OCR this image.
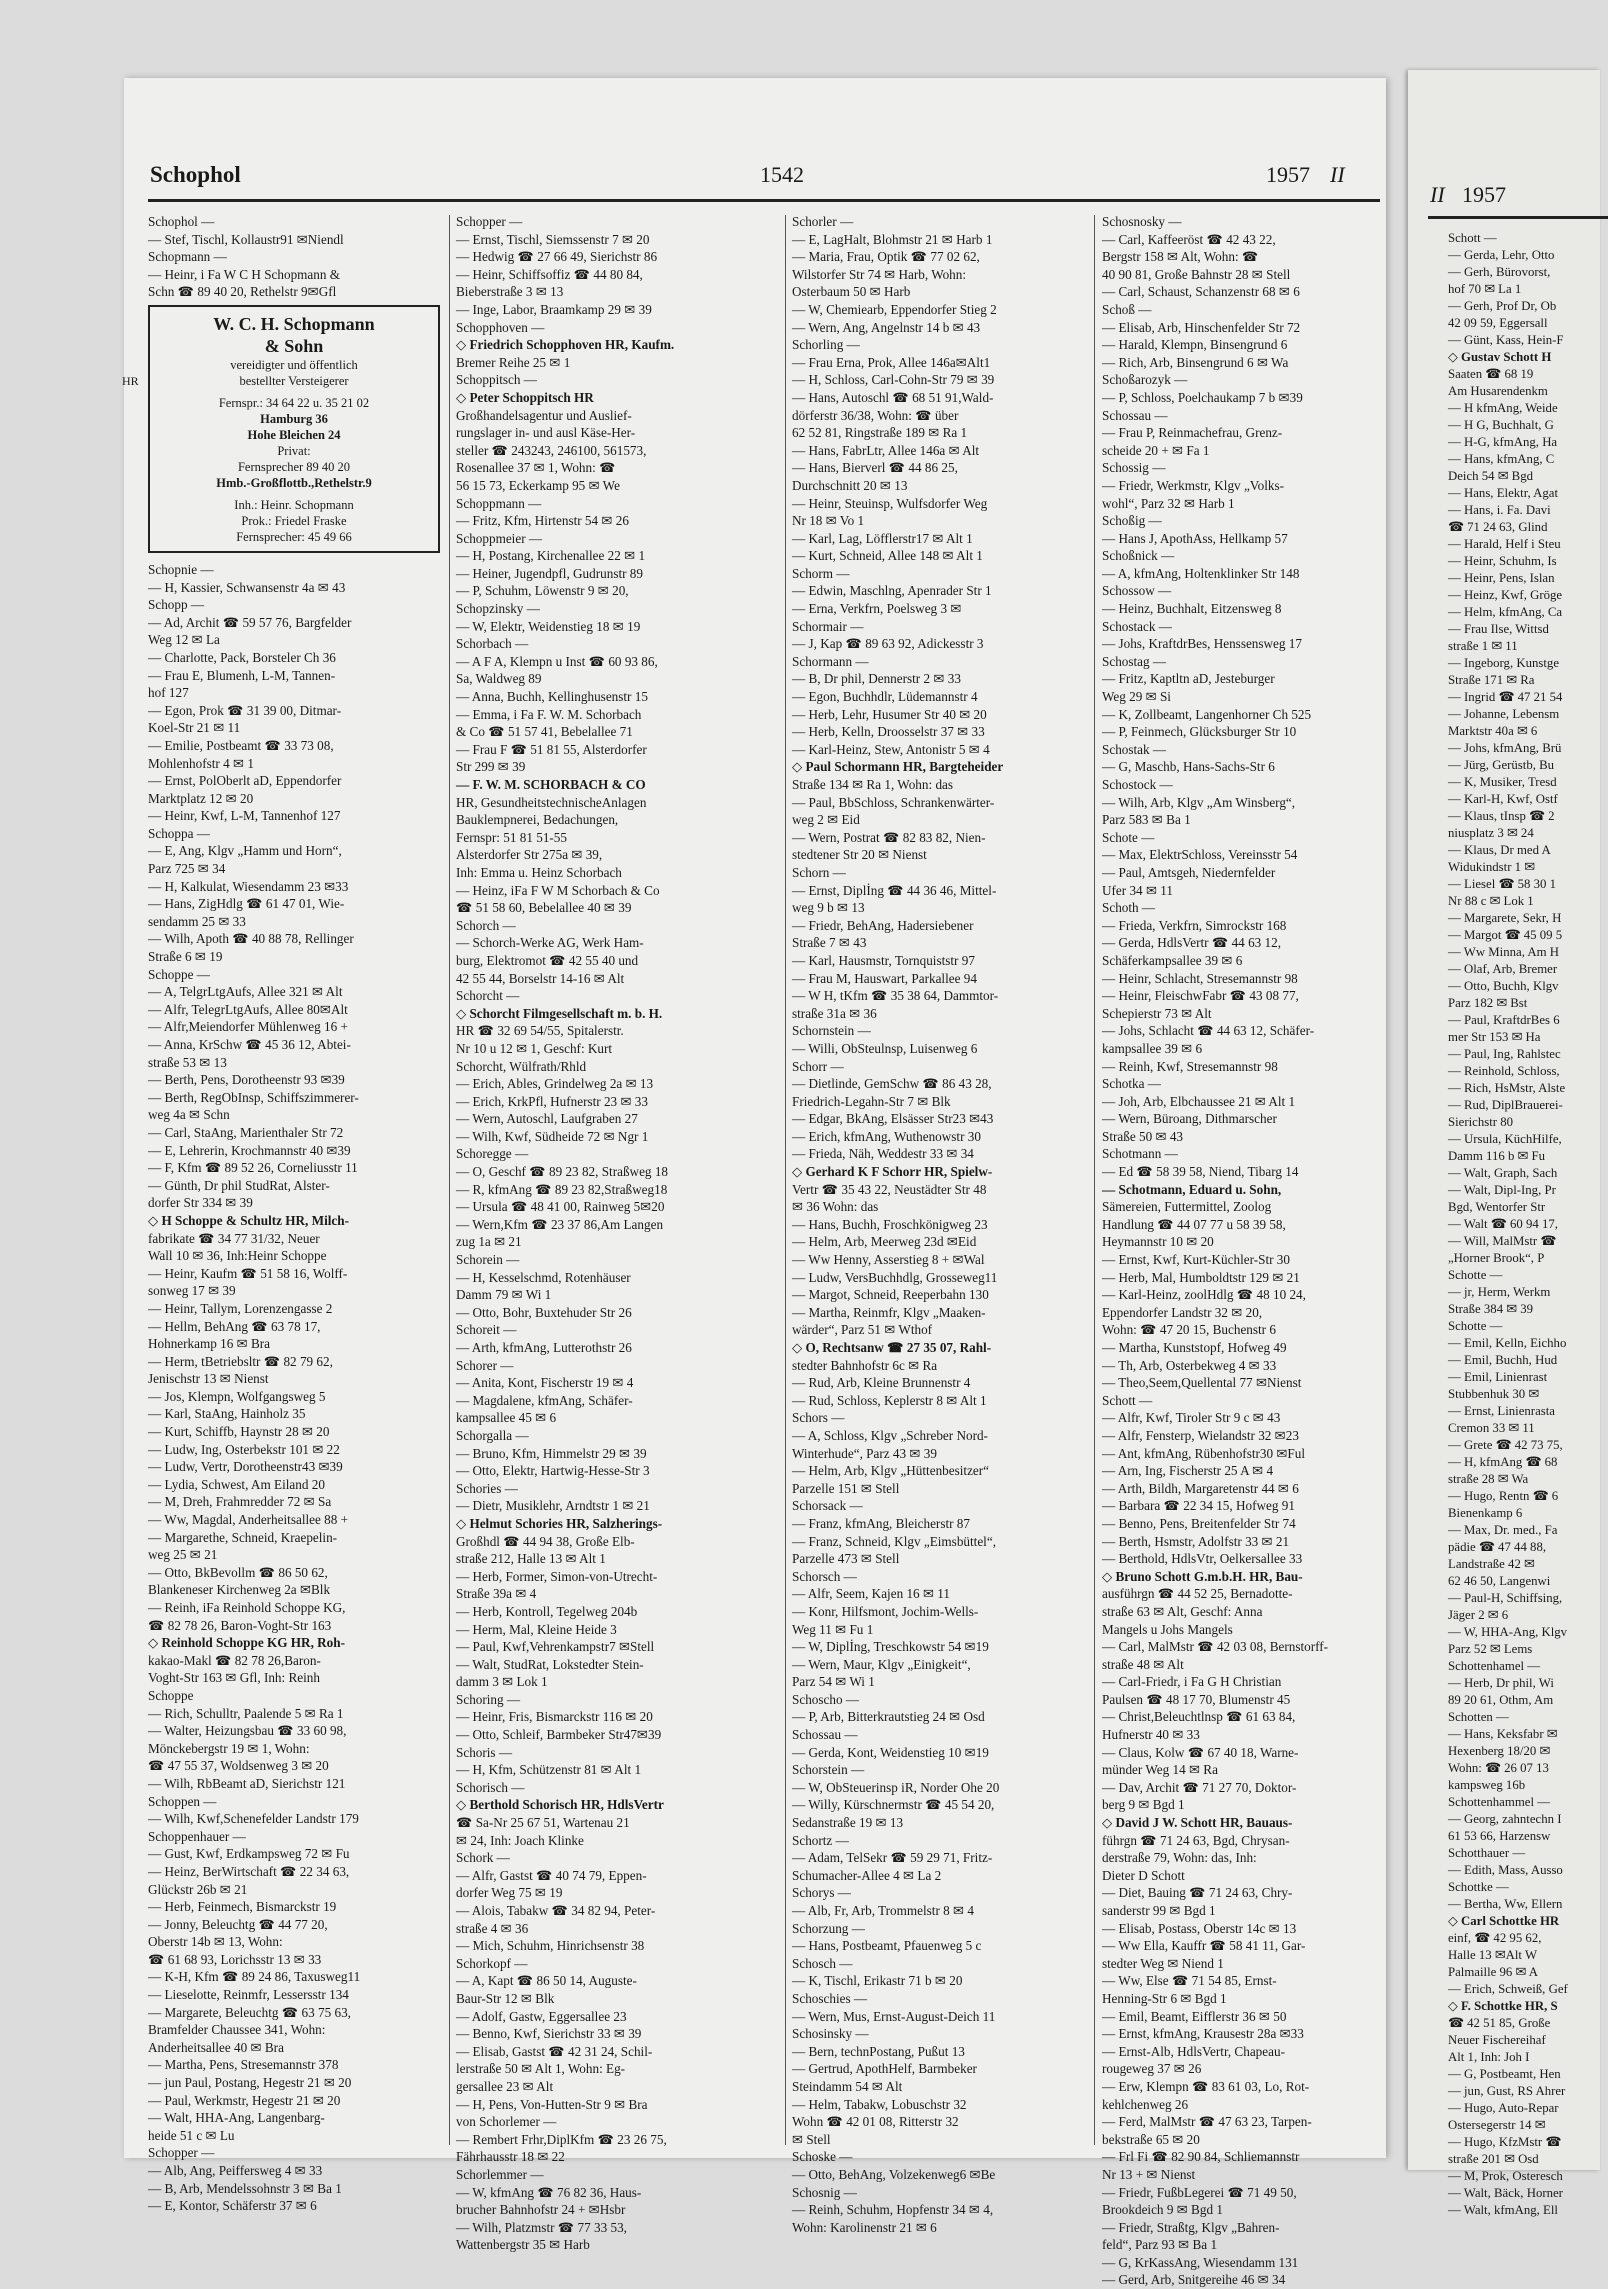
Schophol	1542	1957 II
Schophol —
— Stef, Tischl, Kollaustr91 ✉Niendl
Schopmann —
— Heinr, i Fa W C H Schopmann &
Schn ☎ 89 40 20, Rethelstr 9✉Gfl
W. C. H. Schopmann
& Sohn
vereidigter und öffentlich
bestellter Versteigerer
Fernspr.: 34 64 22 u. 35 21 02
Hamburg 36
Hohe Bleichen 24
Privat:
Fernsprecher 89 40 20
Hmb.-Großflottb.,Rethelstr.9
Inh.: Heinr. Schopmann
Prok.: Friedel Fraske
Fernsprecher: 45 49 66
Schopnie —
— H, Kassier, Schwansenstr 4a ✉ 43
Schopp —
— Ad, Archit ☎ 59 57 76, Bargfelder
Weg 12 ✉ La
— Charlotte, Pack, Borsteler Ch 36
— Frau E, Blumenh, L-M, Tannen-
hof 127
— Egon, Prok ☎ 31 39 00, Ditmar-
Koel-Str 21 ✉ 11
— Emilie, Postbeamt ☎ 33 73 08,
Mohlenhofstr 4 ✉ 1
— Ernst, PolOberlt aD, Eppendorfer
Marktplatz 12 ✉ 20
— Heinr, Kwf, L-M, Tannenhof 127
Schoppa —
— E, Ang, Klgv „Hamm und Horn“,
Parz 725 ✉ 34
— H, Kalkulat, Wiesendamm 23 ✉33
— Hans, ZigHdlg ☎ 61 47 01, Wie-
sendamm 25 ✉ 33
— Wilh, Apoth ☎ 40 88 78, Rellinger
Straße 6 ✉ 19
Schoppe —
— A, TelgrLtgAufs, Allee 321 ✉ Alt
— Alfr, TelegrLtgAufs, Allee 80✉Alt
— Alfr,Meiendorfer Mühlenweg 16 +
— Anna, KrSchw ☎ 45 36 12, Abtei-
straße 53 ✉ 13
— Berth, Pens, Dorotheenstr 93 ✉39
— Berth, RegObInsp, Schiffszimmerer-
weg 4a ✉ Schn
— Carl, StaAng, Marienthaler Str 72
— E, Lehrerin, Krochmannstr 40 ✉39
— F, Kfm ☎ 89 52 26, Corneliusstr 11
— Günth, Dr phil StudRat, Alster-
dorfer Str 334 ✉ 39
◇ H Schoppe & Schultz HR, Milch-
fabrikate ☎ 34 77 31/32, Neuer
Wall 10 ✉ 36, Inh:Heinr Schoppe
— Heinr, Kaufm ☎ 51 58 16, Wolff-
sonweg 17 ✉ 39
— Heinr, Tallym, Lorenzengasse 2
— Hellm, BehAng ☎ 63 78 17,
Hohnerkamp 16 ✉ Bra
— Herm, tBetriebsltr ☎ 82 79 62,
Jenischstr 13 ✉ Nienst
— Jos, Klempn, Wolfgangsweg 5
— Karl, StaAng, Hainholz 35
— Kurt, Schiffb, Haynstr 28 ✉ 20
— Ludw, Ing, Osterbekstr 101 ✉ 22
— Ludw, Vertr, Dorotheenstr43 ✉39
— Lydia, Schwest, Am Eiland 20
— M, Dreh, Frahmredder 72 ✉ Sa
— Ww, Magdal, Anderheitsallee 88 +
— Margarethe, Schneid, Kraepelin-
weg 25 ✉ 21
— Otto, BkBevollm ☎ 86 50 62,
Blankeneser Kirchenweg 2a ✉Blk
— Reinh, iFa Reinhold Schoppe KG,
☎ 82 78 26, Baron-Voght-Str 163
◇ Reinhold Schoppe KG HR, Roh-
kakao-Makl ☎ 82 78 26,Baron-
Voght-Str 163 ✉ Gfl, Inh: Reinh
Schoppe
— Rich, Schulltr, Paalende 5 ✉ Ra 1
— Walter, Heizungsbau ☎ 33 60 98,
Mönckebergstr 19 ✉ 1, Wohn:
☎ 47 55 37, Woldsenweg 3 ✉ 20
— Wilh, RbBeamt aD, Sierichstr 121
Schoppen —
— Wilh, Kwf,Schenefelder Landstr 179
Schoppenhauer —
— Gust, Kwf, Erdkampsweg 72 ✉ Fu
— Heinz, BerWirtschaft ☎ 22 34 63,
Glückstr 26b ✉ 21
— Herb, Feinmech, Bismarckstr 19
— Jonny, Beleuchtg ☎ 44 77 20,
Oberstr 14b ✉ 13, Wohn:
☎ 61 68 93, Lorichsstr 13 ✉ 33
— K-H, Kfm ☎ 89 24 86, Taxusweg11
— Lieselotte, Reinmfr, Lessersstr 134
— Margarete, Beleuchtg ☎ 63 75 63,
Bramfelder Chaussee 341, Wohn:
Anderheitsallee 40 ✉ Bra
— Martha, Pens, Stresemannstr 378
— jun Paul, Postang, Hegestr 21 ✉ 20
— Paul, Werkmstr, Hegestr 21 ✉ 20
— Walt, HHA-Ang, Langenbarg-
heide 51 c ✉ Lu
Schopper —
— Alb, Ang, Peiffersweg 4 ✉ 33
— B, Arb, Mendelssohnstr 3 ✉ Ba 1
— E, Kontor, Schäferstr 37 ✉ 6
HR
Schopper —
— Ernst, Tischl, Siemssenstr 7 ✉ 20
— Hedwig ☎ 27 66 49, Sierichstr 86
— Heinr, Schiffsoffiz ☎ 44 80 84,
Bieberstraße 3 ✉ 13
— Inge, Labor, Braamkamp 29 ✉ 39
Schopphoven —
◇ Friedrich Schopphoven HR, Kaufm.
Bremer Reihe 25 ✉ 1
Schoppitsch —
◇ Peter Schoppitsch HR
Großhandelsagentur und Auslief-
rungslager in- und ausl Käse-Her-
steller ☎ 243243, 246100, 561573,
Rosenallee 37 ✉ 1, Wohn: ☎
56 15 73, Eckerkamp 95 ✉ We
Schoppmann —
— Fritz, Kfm, Hirtenstr 54 ✉ 26
Schoppmeier —
— H, Postang, Kirchenallee 22 ✉ 1
— Heiner, Jugendpfl, Gudrunstr 89
— P, Schuhm, Löwenstr 9 ✉ 20,
Schopzinsky —
— W, Elektr, Weidenstieg 18 ✉ 19
Schorbach —
— A F A, Klempn u Inst ☎ 60 93 86,
Sa, Waldweg 89
— Anna, Buchh, Kellinghusenstr 15
— Emma, i Fa F. W. M. Schorbach
& Co ☎ 51 57 41, Bebelallee 71
— Frau F ☎ 51 81 55, Alsterdorfer
Str 299 ✉ 39
— F. W. M. SCHORBACH & CO
HR, GesundheitstechnischeAnlagen
Bauklempnerei, Bedachungen,
Fernspr: 51 81 51-55
Alsterdorfer Str 275a ✉ 39,
Inh: Emma u. Heinz Schorbach
— Heinz, iFa F W M Schorbach & Co
☎ 51 58 60, Bebelallee 40 ✉ 39
Schorch —
— Schorch-Werke AG, Werk Ham-
burg, Elektromot ☎ 42 55 40 und
42 55 44, Borselstr 14-16 ✉ Alt
Schorcht —
◇ Schorcht Filmgesellschaft m. b. H.
HR ☎ 32 69 54/55, Spitalerstr.
Nr 10 u 12 ✉ 1, Geschf: Kurt
Schorcht, Wülfrath/Rhld
— Erich, Ables, Grindelweg 2a ✉ 13
— Erich, KrkPfl, Hufnerstr 23 ✉ 33
— Wern, Autoschl, Laufgraben 27
— Wilh, Kwf, Südheide 72 ✉ Ngr 1
Schoregge —
— O, Geschf ☎ 89 23 82, Straßweg 18
— R, kfmAng ☎ 89 23 82,Straßweg18
— Ursula ☎ 48 41 00, Rainweg 5✉20
— Wern,Kfm ☎ 23 37 86,Am Langen
zug 1a ✉ 21
Schorein —
— H, Kesselschmd, Rotenhäuser
Damm 79 ✉ Wi 1
— Otto, Bohr, Buxtehuder Str 26
Schoreit —
— Arth, kfmAng, Lutterothstr 26
Schorer —
— Anita, Kont, Fischerstr 19 ✉ 4
— Magdalene, kfmAng, Schäfer-
kampsallee 45 ✉ 6
Schorgalla —
— Bruno, Kfm, Himmelstr 29 ✉ 39
— Otto, Elektr, Hartwig-Hesse-Str 3
Schories —
— Dietr, Musiklehr, Arndtstr 1 ✉ 21
◇ Helmut Schories HR, Salzherings-
Großhdl ☎ 44 94 38, Große Elb-
straße 212, Halle 13 ✉ Alt 1
— Herb, Former, Simon-von-Utrecht-
Straße 39a ✉ 4
— Herb, Kontroll, Tegelweg 204b
— Herm, Mal, Kleine Heide 3
— Paul, Kwf,Vehrenkampstr7 ✉Stell
— Walt, StudRat, Lokstedter Stein-
damm 3 ✉ Lok 1
Schoring —
— Heinr, Fris, Bismarckstr 116 ✉ 20
— Otto, Schleif, Barmbeker Str47✉39
Schoris —
— H, Kfm, Schützenstr 81 ✉ Alt 1
Schorisch —
◇ Berthold Schorisch HR, HdlsVertr
☎ Sa-Nr 25 67 51, Wartenau 21
✉ 24, Inh: Joach Klinke
Schork —
— Alfr, Gastst ☎ 40 74 79, Eppen-
dorfer Weg 75 ✉ 19
— Alois, Tabakw ☎ 34 82 94, Peter-
straße 4 ✉ 36
— Mich, Schuhm, Hinrichsenstr 38
Schorkopf —
— A, Kapt ☎ 86 50 14, Auguste-
Baur-Str 12 ✉ Blk
— Adolf, Gastw, Eggersallee 23
— Benno, Kwf, Sierichstr 33 ✉ 39
— Elisab, Gastst ☎ 42 31 24, Schil-
lerstraße 50 ✉ Alt 1, Wohn: Eg-
gersallee 23 ✉ Alt
— H, Pens, Von-Hutten-Str 9 ✉ Bra
von Schorlemer —
— Rembert Frhr,DiplKfm ☎ 23 26 75,
Fährhausstr 18 ✉ 22
Schorlemmer —
— W, kfmAng ☎ 76 82 36, Haus-
brucher Bahnhofstr 24 + ✉Hsbr
— Wilh, Platzmstr ☎ 77 33 53,
Wattenbergstr 35 ✉ Harb
Schorler —
— E, LagHalt, Blohmstr 21 ✉ Harb 1
— Maria, Frau, Optik ☎ 77 02 62,
Wilstorfer Str 74 ✉ Harb, Wohn:
Osterbaum 50 ✉ Harb
— W, Chemiearb, Eppendorfer Stieg 2
— Wern, Ang, Angelnstr 14 b ✉ 43
Schorling —
— Frau Erna, Prok, Allee 146a✉Alt1
— H, Schloss, Carl-Cohn-Str 79 ✉ 39
— Hans, Autoschl ☎ 68 51 91,Wald-
dörferstr 36/38, Wohn: ☎ über
62 52 81, Ringstraße 189 ✉ Ra 1
— Hans, FabrLtr, Allee 146a ✉ Alt
— Hans, Bierverl ☎ 44 86 25,
Durchschnitt 20 ✉ 13
— Heinr, Steuinsp, Wulfsdorfer Weg
Nr 18 ✉ Vo 1
— Karl, Lag, Löfflerstr17 ✉ Alt 1
— Kurt, Schneid, Allee 148 ✉ Alt 1
Schorm —
— Edwin, Maschlng, Apenrader Str 1
— Erna, Verkfrn, Poelsweg 3 ✉
Schormair —
— J, Kap ☎ 89 63 92, Adickesstr 3
Schormann —
— B, Dr phil, Dennerstr 2 ✉ 33
— Egon, Buchhdlr, Lüdemannstr 4
— Herb, Lehr, Husumer Str 40 ✉ 20
— Herb, Kelln, Droosselstr 37 ✉ 33
— Karl-Heinz, Stew, Antonistr 5 ✉ 4
◇ Paul Schormann HR, Bargteheider
Straße 134 ✉ Ra 1, Wohn: das
— Paul, BbSchloss, Schrankenwärter-
weg 2 ✉ Eid
— Wern, Postrat ☎ 82 83 82, Nien-
stedtener Str 20 ✉ Nienst
Schorn —
— Ernst, Diplİng ☎ 44 36 46, Mittel-
weg 9 b ✉ 13
— Friedr, BehAng, Hadersiebener
Straße 7 ✉ 43
— Karl, Hausmstr, Tornquiststr 97
— Frau M, Hauswart, Parkallee 94
— W H, tKfm ☎ 35 38 64, Dammtor-
straße 31a ✉ 36
Schornstein —
— Willi, ObSteulnsp, Luisenweg 6
Schorr —
— Dietlinde, GemSchw ☎ 86 43 28,
Friedrich-Legahn-Str 7 ✉ Blk
— Edgar, BkAng, Elsässer Str23 ✉43
— Erich, kfmAng, Wuthenowstr 30
— Frieda, Näh, Weddestr 33 ✉ 34
◇ Gerhard K F Schorr HR, Spielw-
Vertr ☎ 35 43 22, Neustädter Str 48
✉ 36 Wohn: das
— Hans, Buchh, Froschkönigweg 23
— Helm, Arb, Meerweg 23d ✉Eid
— Ww Henny, Asserstieg 8 + ✉Wal
— Ludw, VersBuchhdlg, Grosseweg11
— Margot, Schneid, Reeperbahn 130
— Martha, Reinmfr, Klgv „Maaken-
wärder“, Parz 51 ✉ Wthof
◇ O, Rechtsanw ☎ 27 35 07, Rahl-
stedter Bahnhofstr 6c ✉ Ra
— Rud, Arb, Kleine Brunnenstr 4
— Rud, Schloss, Keplerstr 8 ✉ Alt 1
Schors —
— A, Schloss, Klgv „Schreber Nord-
Winterhude“, Parz 43 ✉ 39
— Helm, Arb, Klgv „Hüttenbesitzer“
Parzelle 151 ✉ Stell
Schorsack —
— Franz, kfmAng, Bleicherstr 87
— Franz, Schneid, Klgv „Eimsbüttel“,
Parzelle 473 ✉ Stell
Schorsch —
— Alfr, Seem, Kajen 16 ✉ 11
— Konr, Hilfsmont, Jochim-Wells-
Weg 11 ✉ Fu 1
— W, Diplİng, Treschkowstr 54 ✉19
— Wern, Maur, Klgv „Einigkeit“,
Parz 54 ✉ Wi 1
Schoscho —
— P, Arb, Bitterkrautstieg 24 ✉ Osd
Schossau —
— Gerda, Kont, Weidenstieg 10 ✉19
Schorstein —
— W, ObSteuerinsp iR, Norder Ohe 20
— Willy, Kürschnermstr ☎ 45 54 20,
Sedanstraße 19 ✉ 13
Schortz —
— Adam, TelSekr ☎ 59 29 71, Fritz-
Schumacher-Allee 4 ✉ La 2
Schorys —
— Alb, Fr, Arb, Trommelstr 8 ✉ 4
Schorzung —
— Hans, Postbeamt, Pfauenweg 5 c
Schosch —
— K, Tischl, Erikastr 71 b ✉ 20
Schoschies —
— Wern, Mus, Ernst-August-Deich 11
Schosinsky —
— Bern, technPostang, Pußut 13
— Gertrud, ApothHelf, Barmbeker
Steindamm 54 ✉ Alt
— Helm, Tabakw, Lobuschstr 32
Wohn ☎ 42 01 08, Ritterstr 32
✉ Stell
Schoske —
— Otto, BehAng, Volzekenweg6 ✉Be
Schosnig —
— Reinh, Schuhm, Hopfenstr 34 ✉ 4,
Wohn: Karolinenstr 21 ✉ 6
Schosnosky —
— Carl, Kaffeeröst ☎ 42 43 22,
Bergstr 158 ✉ Alt, Wohn: ☎
40 90 81, Große Bahnstr 28 ✉ Stell
— Carl, Schaust, Schanzenstr 68 ✉ 6
Schoß —
— Elisab, Arb, Hinschenfelder Str 72
— Harald, Klempn, Binsengrund 6
— Rich, Arb, Binsengrund 6 ✉ Wa
Schoßarozyk —
— P, Schloss, Poelchaukamp 7 b ✉39
Schossau —
— Frau P, Reinmachefrau, Grenz-
scheide 20 + ✉ Fa 1
Schossig —
— Friedr, Werkmstr, Klgv „Volks-
wohl“, Parz 32 ✉ Harb 1
Schoßig —
— Hans J, ApothAss, Hellkamp 57
Schoßnick —
— A, kfmAng, Holtenklinker Str 148
Schossow —
— Heinz, Buchhalt, Eitzensweg 8
Schostack —
— Johs, KraftdrBes, Henssensweg 17
Schostag —
— Fritz, Kaptltn aD, Jesteburger
Weg 29 ✉ Si
— K, Zollbeamt, Langenhorner Ch 525
— P, Feinmech, Glücksburger Str 10
Schostak —
— G, Maschb, Hans-Sachs-Str 6
Schostock —
— Wilh, Arb, Klgv „Am Winsberg“,
Parz 583 ✉ Ba 1
Schote —
— Max, ElektrSchloss, Vereinsstr 54
— Paul, Amtsgeh, Niedernfelder
Ufer 34 ✉ 11
Schoth —
— Frieda, Verkfrn, Simrockstr 168
— Gerda, HdlsVertr ☎ 44 63 12,
Schäferkampsallee 39 ✉ 6
— Heinr, Schlacht, Stresemannstr 98
— Heinr, FleischwFabr ☎ 43 08 77,
Schepierstr 73 ✉ Alt
— Johs, Schlacht ☎ 44 63 12, Schäfer-
kampsallee 39 ✉ 6
— Reinh, Kwf, Stresemannstr 98
Schotka —
— Joh, Arb, Elbchaussee 21 ✉ Alt 1
— Wern, Büroang, Dithmarscher
Straße 50 ✉ 43
Schotmann —
— Ed ☎ 58 39 58, Niend, Tibarg 14
— Schotmann, Eduard u. Sohn,
Sämereien, Futtermittel, Zoolog
Handlung ☎ 44 07 77 u 58 39 58,
Heymannstr 10 ✉ 20
— Ernst, Kwf, Kurt-Küchler-Str 30
— Herb, Mal, Humboldtstr 129 ✉ 21
— Karl-Heinz, zoolHdlg ☎ 48 10 24,
Eppendorfer Landstr 32 ✉ 20,
Wohn: ☎ 47 20 15, Buchenstr 6
— Martha, Kunststopf, Hofweg 49
— Th, Arb, Osterbekweg 4 ✉ 33
— Theo,Seem,Quellental 77 ✉Nienst
Schott —
— Alfr, Kwf, Tiroler Str 9 c ✉ 43
— Alfr, Fensterp, Wielandstr 32 ✉23
— Ant, kfmAng, Rübenhofstr30 ✉Ful
— Arn, Ing, Fischerstr 25 A ✉ 4
— Arth, Bildh, Margaretenstr 44 ✉ 6
— Barbara ☎ 22 34 15, Hofweg 91
— Benno, Pens, Breitenfelder Str 74
— Berth, Hsmstr, Adolfstr 33 ✉ 21
— Berthold, HdlsVtr, Oelkersallee 33
◇ Bruno Schott G.m.b.H. HR, Bau-
ausführgn ☎ 44 52 25, Bernadotte-
straße 63 ✉ Alt, Geschf: Anna
Mangels u Johs Mangels
— Carl, MalMstr ☎ 42 03 08, Bernstorff-
straße 48 ✉ Alt
— Carl-Friedr, i Fa G H Christian
Paulsen ☎ 48 17 70, Blumenstr 45
— Christ,Beleuchtlnsp ☎ 61 63 84,
Hufnerstr 40 ✉ 33
— Claus, Kolw ☎ 67 40 18, Warne-
münder Weg 14 ✉ Ra
— Dav, Archit ☎ 71 27 70, Doktor-
berg 9 ✉ Bgd 1
◇ David J W. Schott HR, Bauaus-
führgn ☎ 71 24 63, Bgd, Chrysan-
derstraße 79, Wohn: das, Inh:
Dieter D Schott
— Diet, Bauing ☎ 71 24 63, Chry-
sanderstr 99 ✉ Bgd 1
— Elisab, Postass, Oberstr 14c ✉ 13
— Ww Ella, Kauffr ☎ 58 41 11, Gar-
stedter Weg ✉ Niend 1
— Ww, Else ☎ 71 54 85, Ernst-
Henning-Str 6 ✉ Bgd 1
— Emil, Beamt, Eifflerstr 36 ✉ 50
— Ernst, kfmAng, Krausestr 28a ✉33
— Ernst-Alb, HdlsVertr, Chapeau-
rougeweg 37 ✉ 26
— Erw, Klempn ☎ 83 61 03, Lo, Rot-
kehlchenweg 26
— Ferd, MalMstr ☎ 47 63 23, Tarpen-
bekstraße 65 ✉ 20
— Frl Fi ☎ 82 90 84, Schliemannstr
Nr 13 + ✉ Nienst
— Friedr, FußbLegerei ☎ 71 49 50,
Brookdeich 9 ✉ Bgd 1
— Friedr, Straßtg, Klgv „Bahren-
feld“, Parz 93 ✉ Ba 1
— G, KrKassAng, Wiesendamm 131
— Gerd, Arb, Snitgereihe 46 ✉ 34
II 1957
Schott —
— Gerda, Lehr, Otto
— Gerh, Bürovorst,
hof 70 ✉ La 1
— Gerh, Prof Dr, Ob
42 09 59, Eggersall
— Günt, Kass, Hein-F
◇ Gustav Schott H
Saaten ☎ 68 19
Am Husarendenkm
— H kfmAng, Weide
— H G, Buchhalt, G
— H-G, kfmAng, Ha
— Hans, kfmAng, C
Deich 54 ✉ Bgd
— Hans, Elektr, Agat
— Hans, i. Fa. Davi
☎ 71 24 63, Glind
— Harald, Helf i Steu
— Heinr, Schuhm, Is
— Heinr, Pens, Islan
— Heinz, Kwf, Gröge
— Helm, kfmAng, Ca
— Frau Ilse, Wittsd
straße 1 ✉ 11
— Ingeborg, Kunstge
Straße 171 ✉ Ra
— Ingrid ☎ 47 21 54
— Johanne, Lebensm
Marktstr 40a ✉ 6
— Johs, kfmAng, Brü
— Jürg, Gerüstb, Bu
— K, Musiker, Tresd
— Karl-H, Kwf, Ostf
— Klaus, tInsp ☎ 2
niusplatz 3 ✉ 24
— Klaus, Dr med A
Widukindstr 1 ✉
— Liesel ☎ 58 30 1
Nr 88 c ✉ Lok 1
— Margarete, Sekr, H
— Margot ☎ 45 09 5
— Ww Minna, Am H
— Olaf, Arb, Bremer
— Otto, Buchh, Klgv
Parz 182 ✉ Bst
— Paul, KraftdrBes 6
mer Str 153 ✉ Ha
— Paul, Ing, Rahlstec
— Reinhold, Schloss,
— Rich, HsMstr, Alste
— Rud, DiplBrauerei-
Sierichstr 80
— Ursula, KüchHilfe,
Damm 116 b ✉ Fu
— Walt, Graph, Sach
— Walt, Dipl-Ing, Pr
Bgd, Wentorfer Str
— Walt ☎ 60 94 17,
— Will, MalMstr ☎
„Horner Brook“, P
Schotte —
— jr, Herm, Werkm
Straße 384 ✉ 39
Schotte —
— Emil, Kelln, Eichho
— Emil, Buchh, Hud
— Emil, Linienrast
Stubbenhuk 30 ✉
— Ernst, Linienrasta
Cremon 33 ✉ 11
— Grete ☎ 42 73 75,
— H, kfmAng ☎ 68
straße 28 ✉ Wa
— Hugo, Rentn ☎ 6
Bienenkamp 6
— Max, Dr. med., Fa
pädie ☎ 47 44 88,
Landstraße 42 ✉
62 46 50, Langenwi
— Paul-H, Schiffsing,
Jäger 2 ✉ 6
— W, HHA-Ang, Klgv
Parz 52 ✉ Lems
Schottenhamel —
— Herb, Dr phil, Wi
89 20 61, Othm, Am
Schotten —
— Hans, Keksfabr ✉
Hexenberg 18/20 ✉
Wohn: ☎ 26 07 13
kampsweg 16b
Schottenhammel —
— Georg, zahntechn I
61 53 66, Harzensw
Schotthauer —
— Edith, Mass, Ausso
Schottke —
— Bertha, Ww, Ellern
◇ Carl Schottke HR
einf, ☎ 42 95 62,
Halle 13 ✉Alt W
Palmaille 96 ✉ A
— Erich, Schweiß, Gef
◇ F. Schottke HR, S
☎ 42 51 85, Große
Neuer Fischereihaf
Alt 1, Inh: Joh I
— G, Postbeamt, Hen
— jun, Gust, RS Ahrer
— Hugo, Auto-Repar
Ostersegerstr 14 ✉
— Hugo, KfzMstr ☎
straße 201 ✉ Osd
— M, Prok, Osteresch
— Walt, Bäck, Horner
— Walt, kfmAng, Ell
